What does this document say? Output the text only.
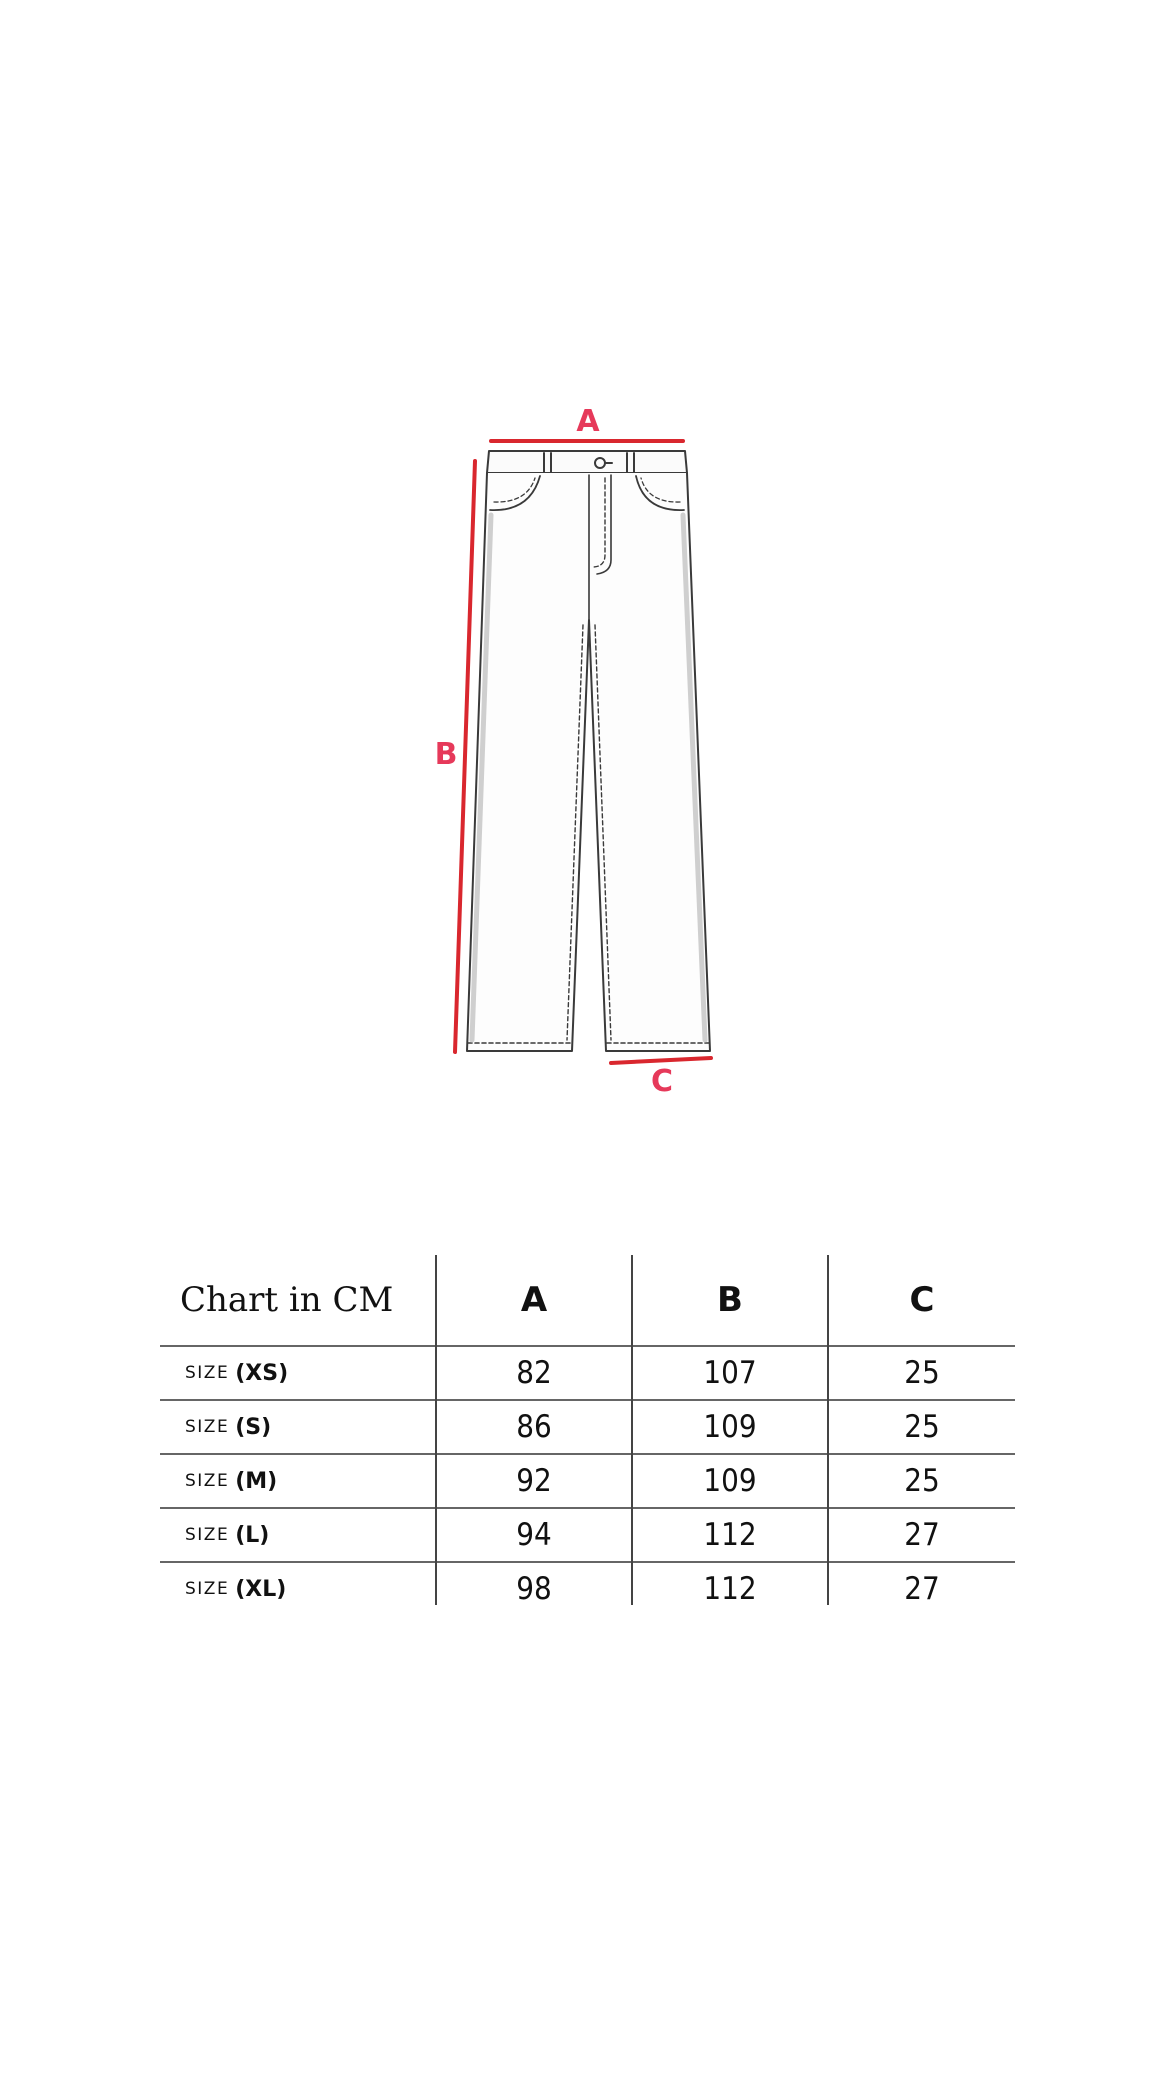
A
B
C
Chart in CM	A	B	C
SIZE (XS)	82	107	25
SIZE (S)	86	109	25
SIZE (M)	92	109	25
SIZE (L)	94	112	27
SIZE (XL)	98	112	27
